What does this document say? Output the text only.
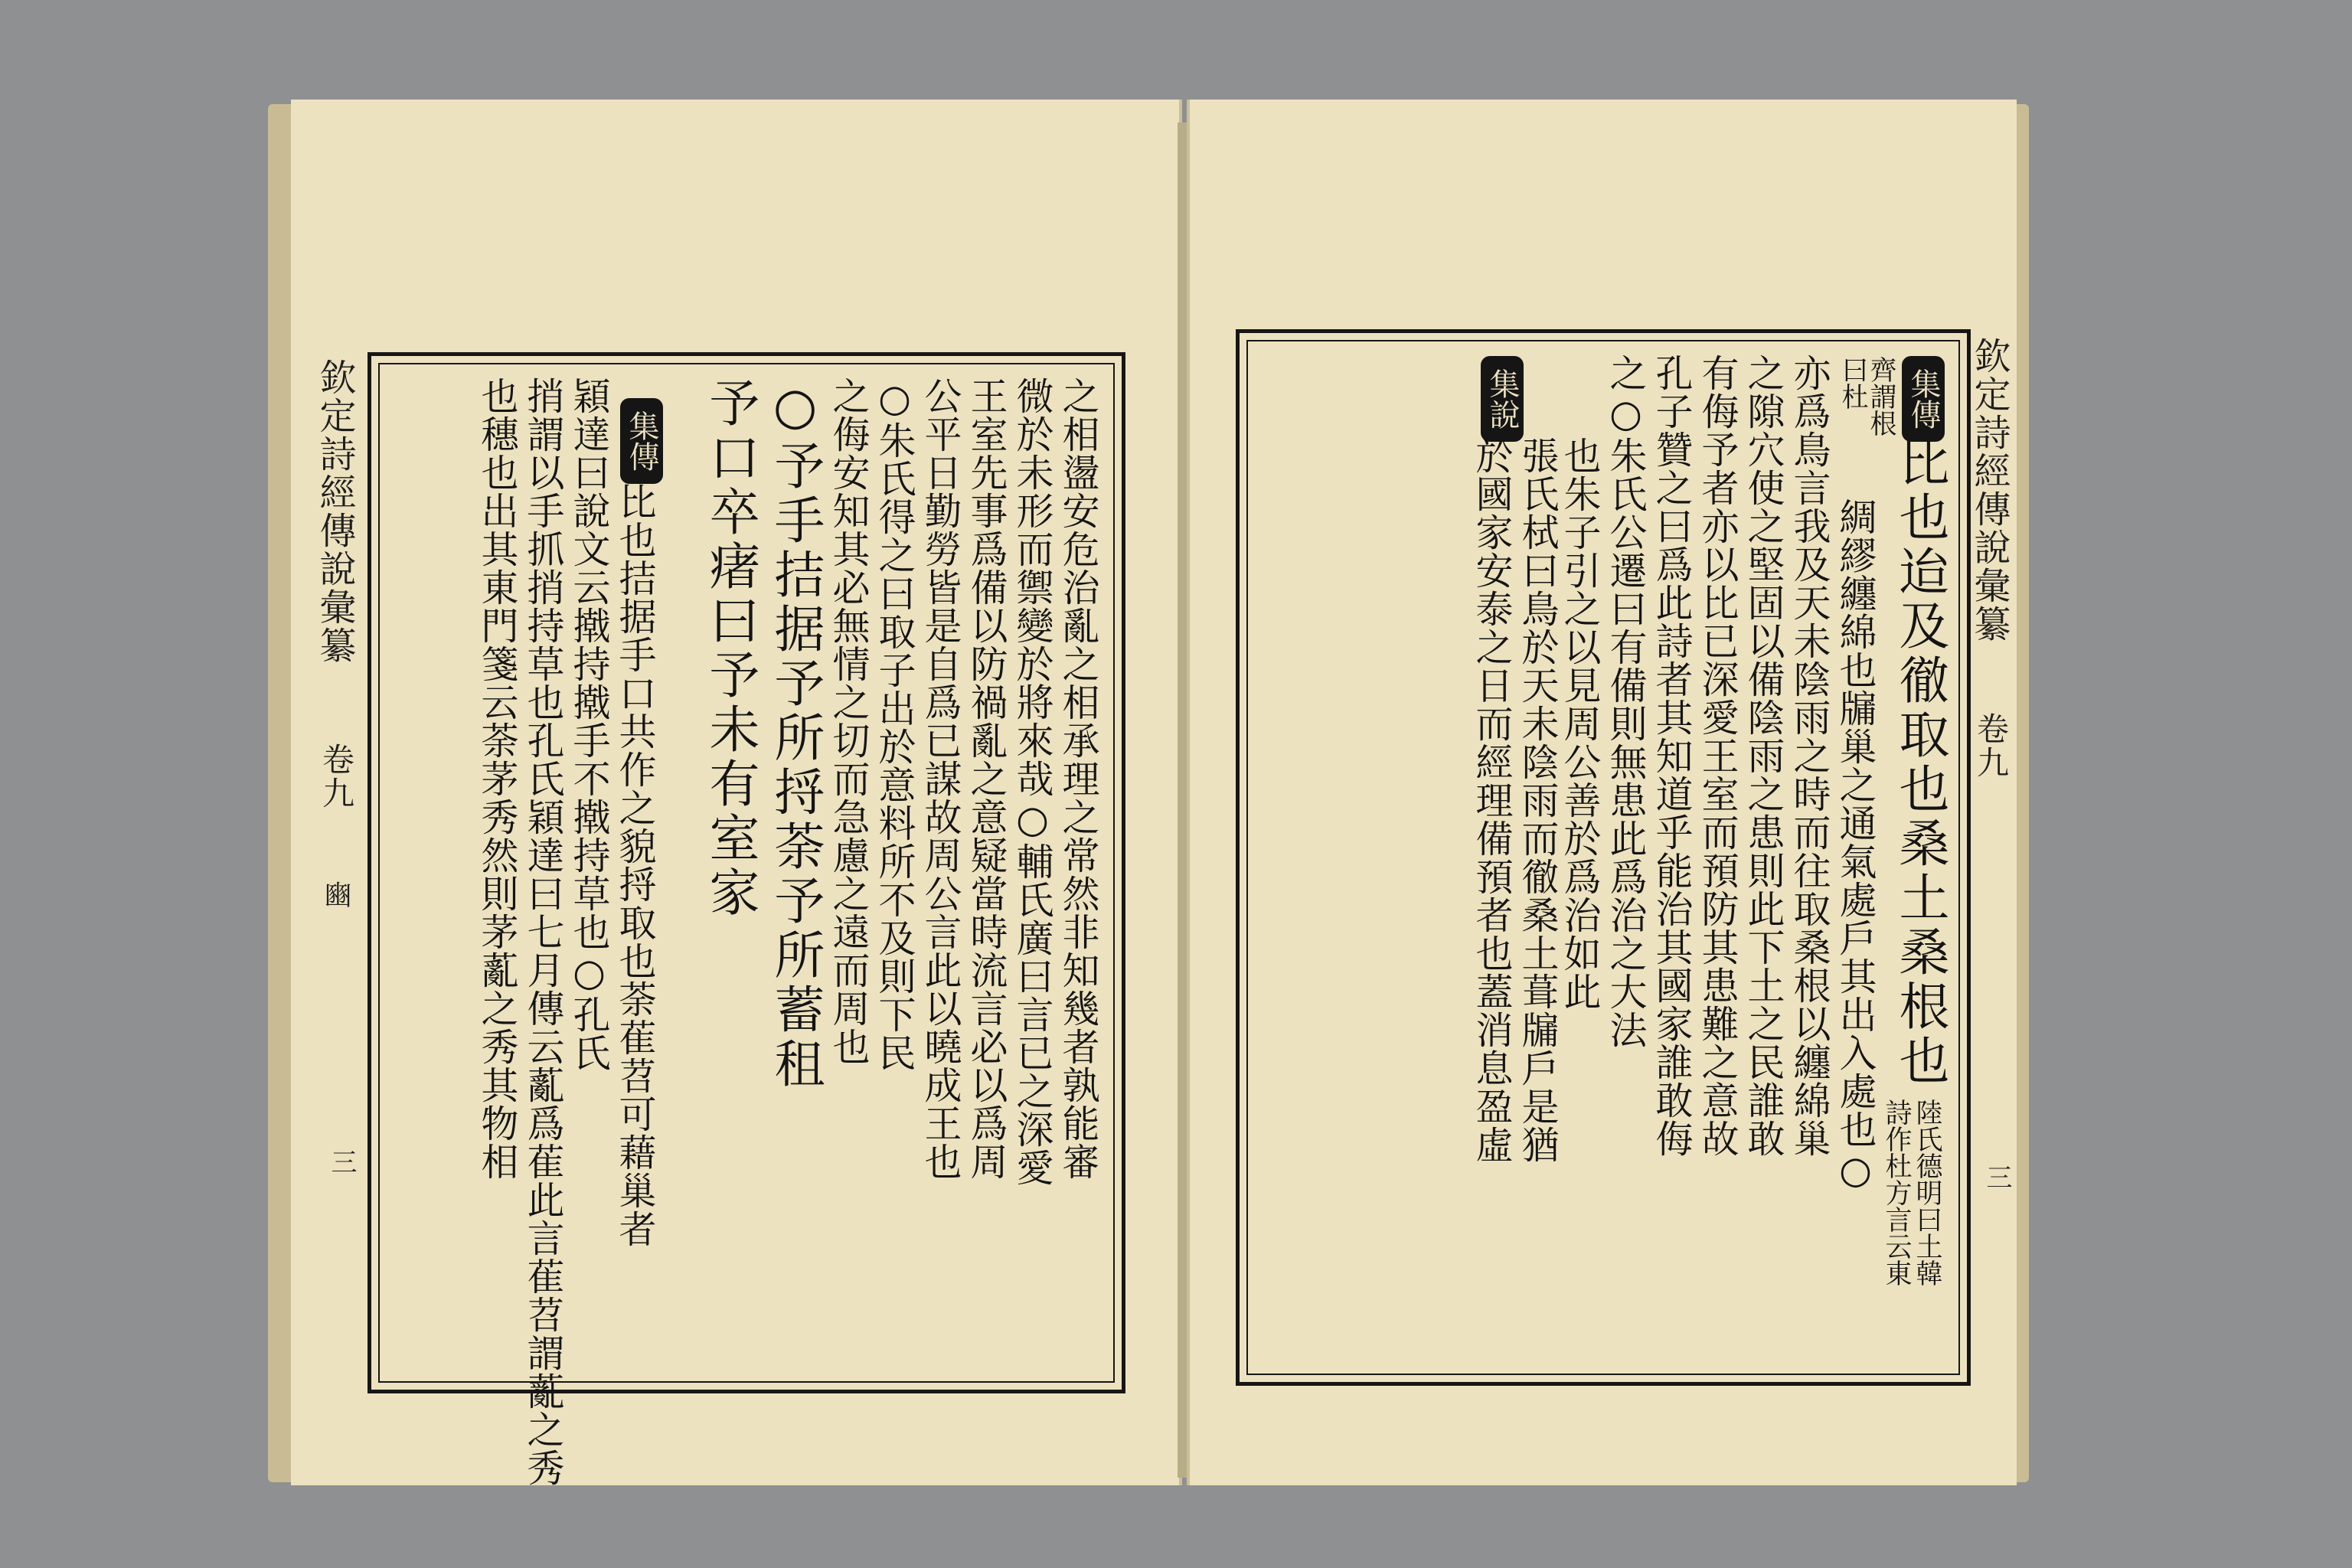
欽定詩經傳說彙纂
卷九
豳
三	之相盪安危治亂之相承理之常然非知幾者孰能審
微於未形而禦變於將來哉○輔氏廣曰言已之深愛
王室先事爲備以防禍亂之意疑當時流言必以爲周
公平日勤勞皆是自爲已謀故周公言此以曉成王也
○朱氏得之曰取子出於意料所不及則下民
之侮安知其必無情之切而急慮之遠而周也
○予手拮据予所捋荼予所蓄租
予口卒瘏曰予未有室家
集傳
比也拮据手口共作之貌捋取也荼萑苕可藉巢者
穎達曰說文云撠持撠手不撠持草也○孔氏
捎謂以手抓捎持草也孔氏穎達曰七月傳云薍爲萑此言萑苕謂薍之秀
也穗也出其東門箋云荼茅秀然則茅薍之秀其物相	欽定詩經傳說彙纂
卷九
三
集傳
比也迨及徹取也桑土桑根也
陸氏德明曰土韓
詩作杜方言云東
齊謂根
曰杜
綢繆纏綿也牖巢之通氣處戶其出入處也○
亦爲鳥言我及天未陰雨之時而往取桑根以纏綿巢
之隙穴使之堅固以備陰雨之患則此下土之民誰敢
有侮予者亦以比已深愛王室而預防其患難之意故
孔子贊之曰爲此詩者其知道乎能治其國家誰敢侮
之○朱氏公遷曰有備則無患此爲治之大法
也朱子引之以見周公善於爲治如此
集說
張氏栻曰鳥於天未陰雨而徹桑土葺牖戶是猶
於國家安泰之日而經理備預者也蓋消息盈虛
